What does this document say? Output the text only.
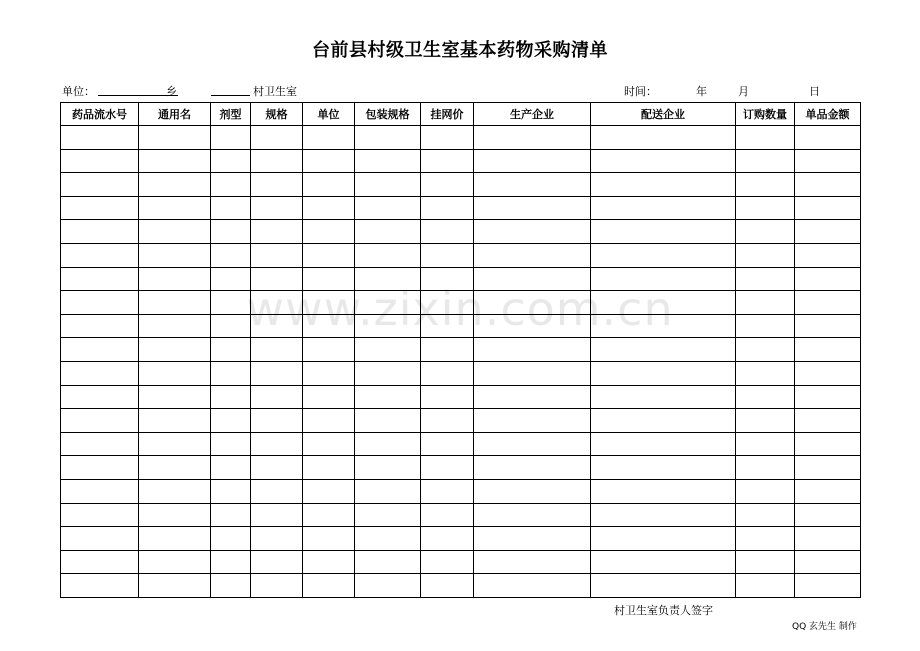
台前县村级卫生室基本药物采购清单
单位：	乡	村卫生室	时间：	年	月	日
药品流水号	通用名	剂型	规格	单位	包装规格	挂网价	生产企业	配送企业	订购数量	单品金额

www.zixin.com.cn
村卫生室负责人签字
QQ 玄先生 制作
